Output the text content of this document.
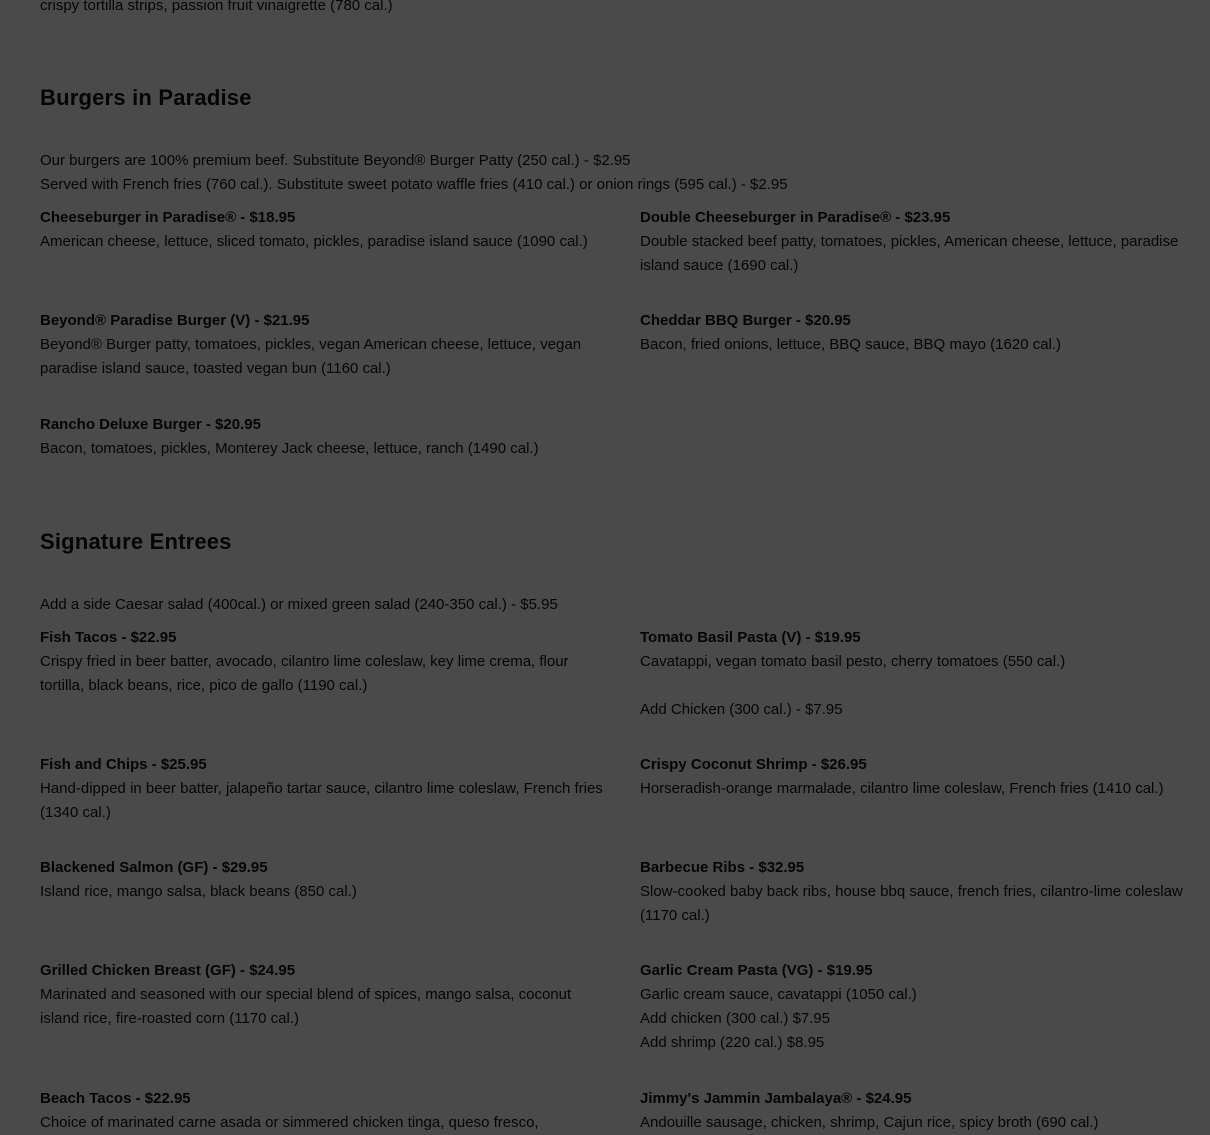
crispy tortilla strips, passion fruit vinaigrette (780 cal.)

Burgers in Paradise

Our burgers are 100% premium beef. Substitute Beyond® Burger Patty (250 cal.) - $2.95

Served with French fries (760 cal.). Substitute sweet potato waffle fries (410 cal.) or onion rings (595 cal.) - $2.95

Cheeseburger in Paradise® - $18.95

American cheese, lettuce, sliced tomato, pickles, paradise island sauce (1090 cal.)

Double Cheeseburger in Paradise® - $23.95

Double stacked beef patty, tomatoes, pickles, American cheese, lettuce, paradise island sauce (1690 cal.)

Beyond® Paradise Burger (V) - $21.95

Beyond® Burger patty, tomatoes, pickles, vegan American cheese, lettuce, vegan paradise island sauce, toasted vegan bun (1160 cal.)

Cheddar BBQ Burger - $20.95

Bacon, fried onions, lettuce, BBQ sauce, BBQ mayo (1620 cal.)

Rancho Deluxe Burger - $20.95

Bacon, tomatoes, pickles, Monterey Jack cheese, lettuce, ranch (1490 cal.)

Signature Entrees

Add a side Caesar salad (400cal.) or mixed green salad (240-350 cal.) - $5.95

Fish Tacos - $22.95

Crispy fried in beer batter, avocado, cilantro lime coleslaw, key lime crema, flour tortilla, black beans, rice, pico de gallo (1190 cal.)

Tomato Basil Pasta (V) - $19.95

Cavatappi, vegan tomato basil pesto, cherry tomatoes (550 cal.)

Add Chicken (300 cal.) - $7.95

Fish and Chips - $25.95

Hand-dipped in beer batter, jalapeño tartar sauce, cilantro lime coleslaw, French fries (1340 cal.)

Crispy Coconut Shrimp - $26.95

Horseradish-orange marmalade, cilantro lime coleslaw, French fries (1410 cal.)

Blackened Salmon (GF) - $29.95

Island rice, mango salsa, black beans (850 cal.)

Barbecue Ribs - $32.95

Slow-cooked baby back ribs, house bbq sauce, french fries, cilantro-lime coleslaw (1170 cal.)

Grilled Chicken Breast (GF) - $24.95

Marinated and seasoned with our special blend of spices, mango salsa, coconut island rice, fire-roasted corn (1170 cal.)

Garlic Cream Pasta (VG) - $19.95

Garlic cream sauce, cavatappi (1050 cal.)

Add chicken (300 cal.) $7.95

Add shrimp (220 cal.) $8.95

Beach Tacos - $22.95

Choice of marinated carne asada or simmered chicken tinga, queso fresco,

Jimmy's Jammin Jambalaya® - $24.95

Andouille sausage, chicken, shrimp, Cajun rice, spicy broth (690 cal.)
